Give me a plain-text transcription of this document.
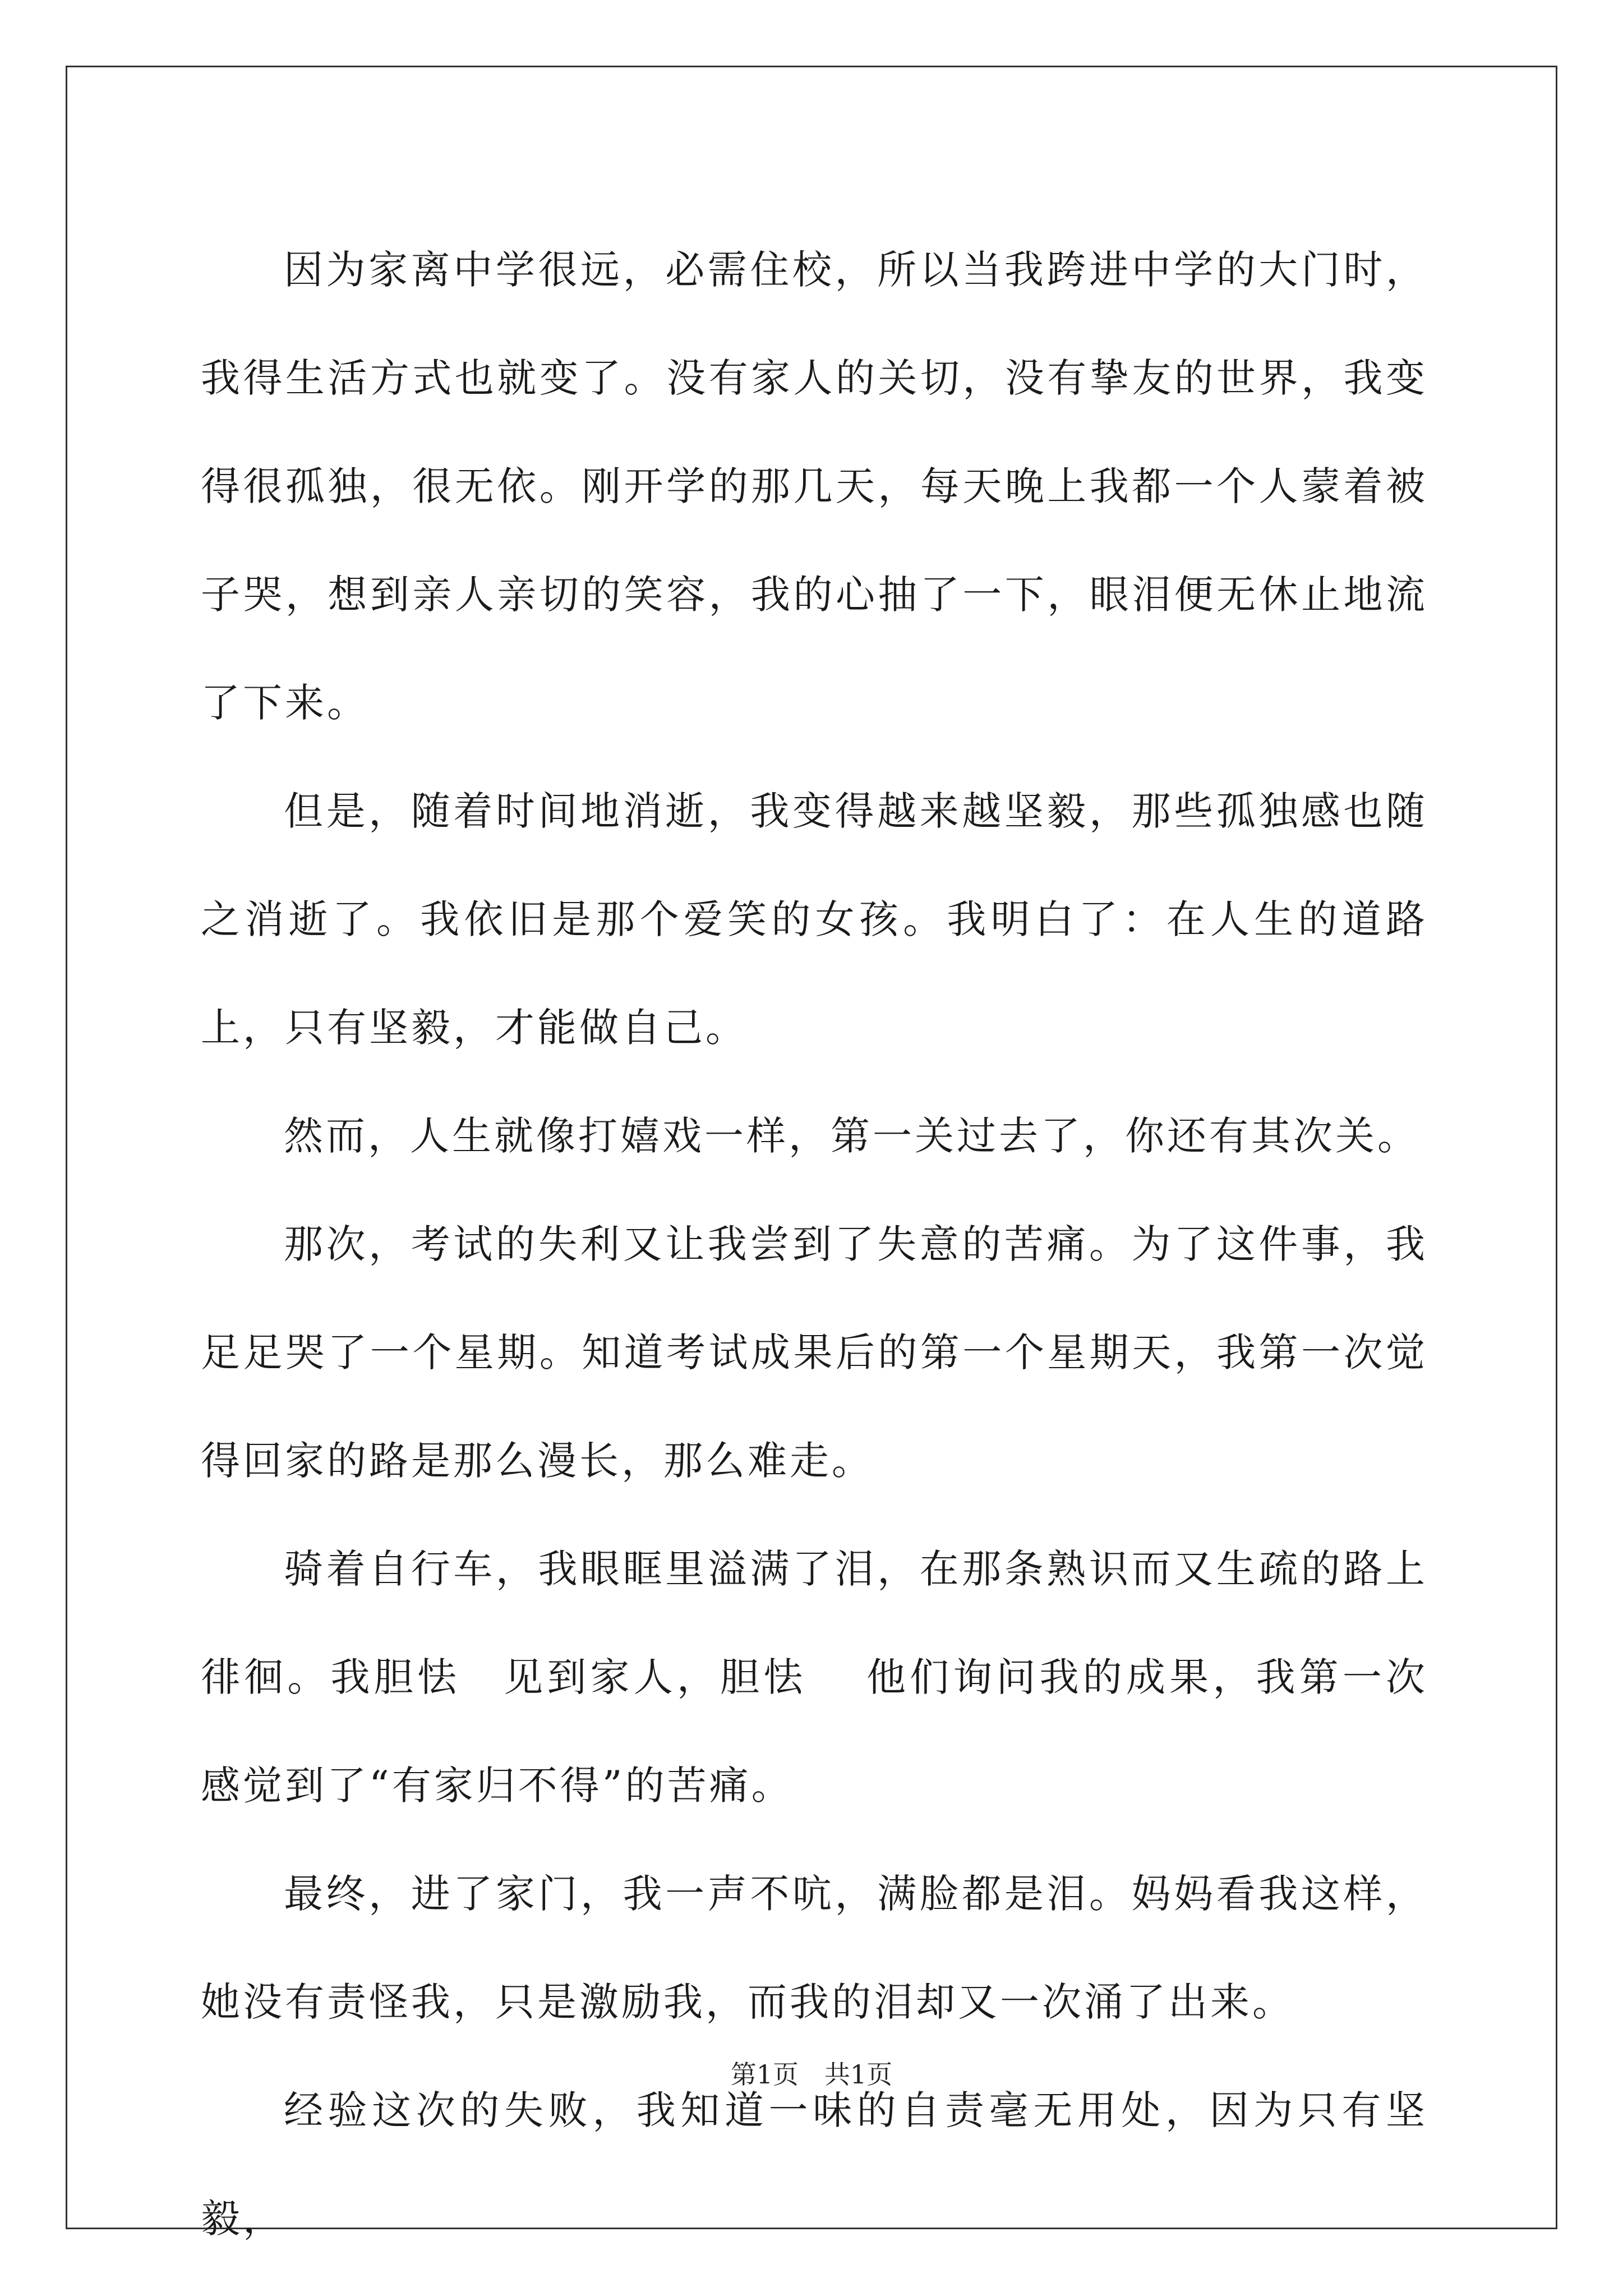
因为家离中学很远，必需住校，所以当我跨进中学的大门时，我得生活方式也就变了。没有家人的关切，没有挚友的世界，我变得很孤独，很无依。刚开学的那几天，每天晚上我都一个人蒙着被子哭，想到亲人亲切的笑容，我的心抽了一下，眼泪便无休止地流了下来。

但是，随着时间地消逝，我变得越来越坚毅，那些孤独感也随之消逝了。我依旧是那个爱笑的女孩。我明白了：在人生的道路上，只有坚毅，才能做自己。

然而，人生就像打嬉戏一样，第一关过去了，你还有其次关。

那次，考试的失利又让我尝到了失意的苦痛。为了这件事，我足足哭了一个星期。知道考试成果后的第一个星期天，我第一次觉得回家的路是那么漫长，那么难走。

骑着自行车，我眼眶里溢满了泪，在那条熟识而又生疏的路上徘徊。我胆怯　见到家人，胆怯　 他们询问我的成果，我第一次感觉到了“有家归不得”的苦痛。

最终，进了家门，我一声不吭，满脸都是泪。妈妈看我这样，她没有责怪我，只是激励我，而我的泪却又一次涌了出来。

经验这次的失败，我知道一味的自责毫无用处，因为只有坚毅，

第1页　共1页
